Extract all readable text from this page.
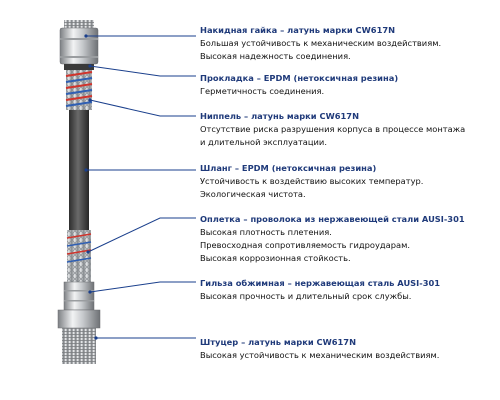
Накидная гайка – латунь марки CW617N
Большая устойчивость к механическим воздействиям.
Высокая надежность соединения.
Прокладка – EPDM (нетоксичная резина)
Герметичность соединения.
Ниппель – латунь марки CW617N
Отсутствие риска разрушения корпуса в процессе монтажа
и длительной эксплуатации.
Шланг – EPDM (нетоксичная резина)
Устойчивость к воздействию высоких температур.
Экологическая чистота.
Оплетка – проволока из нержавеющей стали AUSI-301
Высокая плотность плетения.
Превосходная сопротивляемость гидроударам.
Высокая коррозионная стойкость.
Гильза обжимная – нержавеющая сталь AUSI-301
Высокая прочность и длительный срок службы.
Штуцер – латунь марки CW617N
Высокая устойчивость к механическим воздействиям.
